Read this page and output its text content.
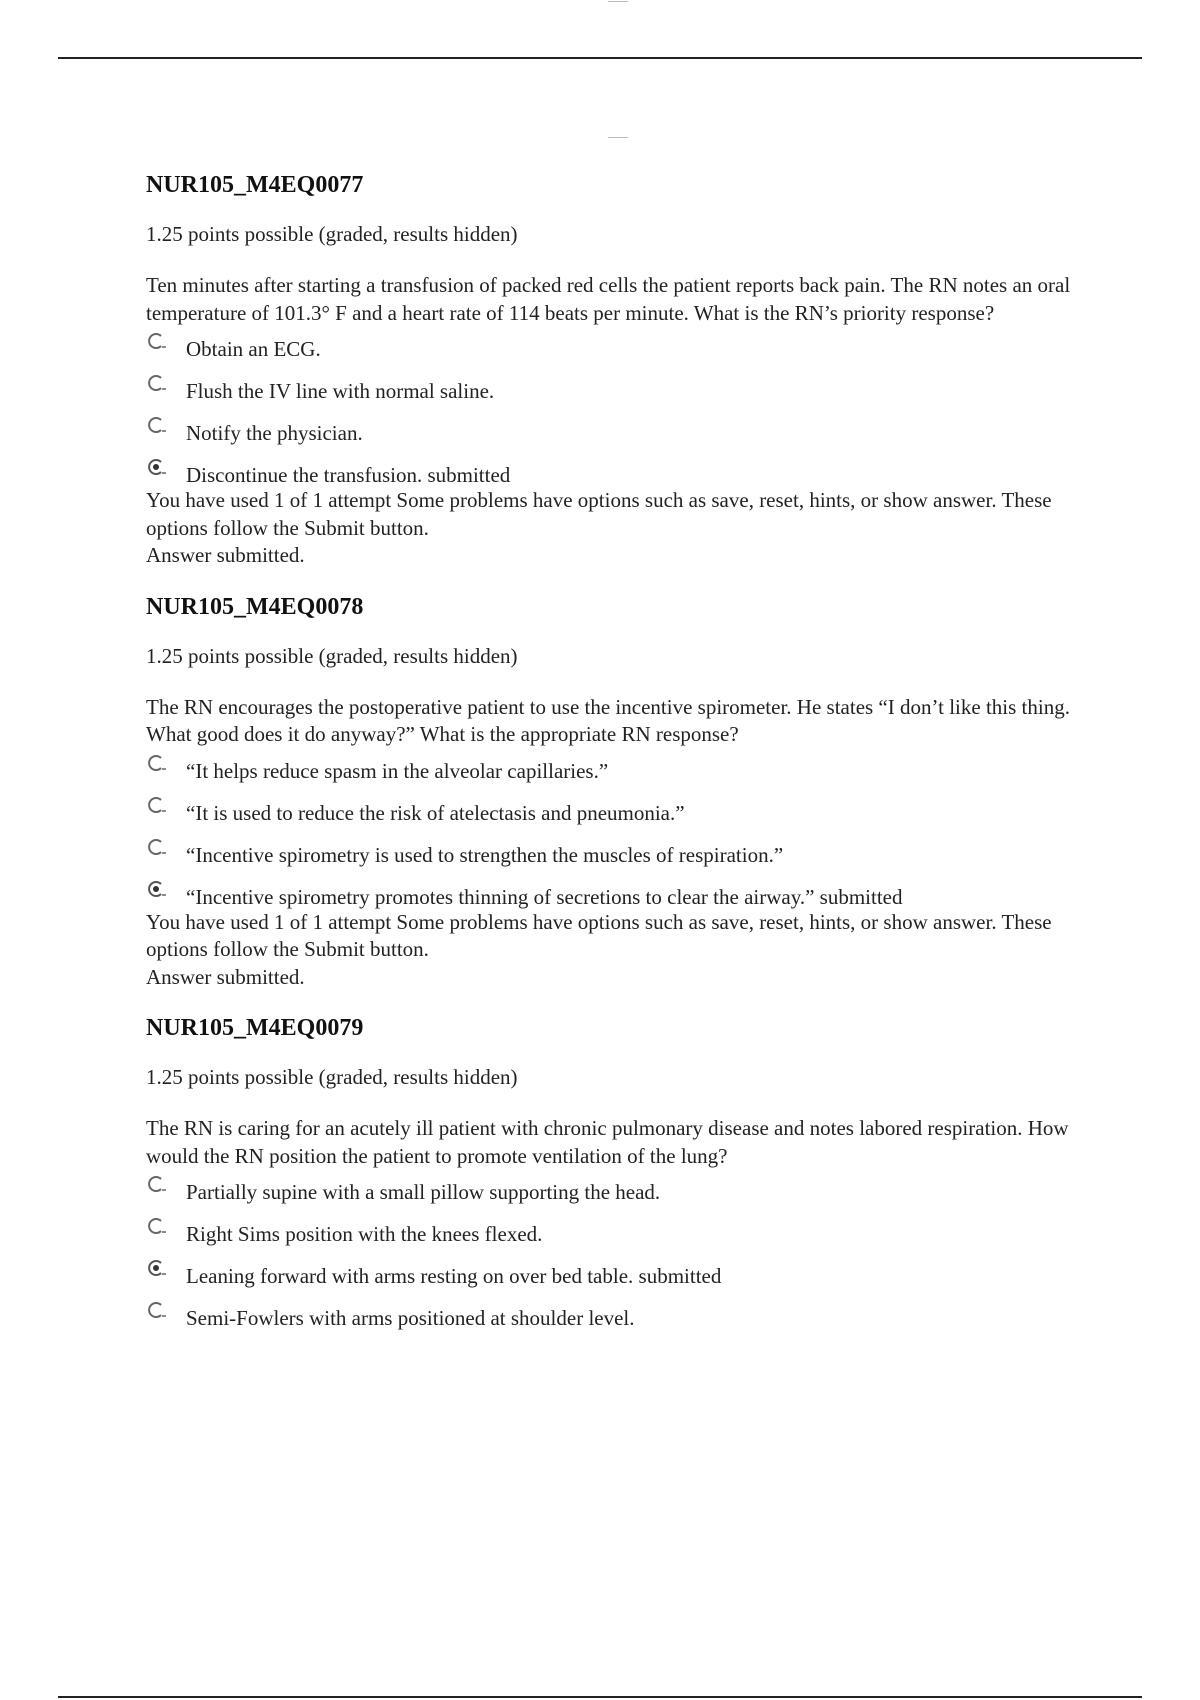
NUR105_M4EQ0077

1.25 points possible (graded, results hidden)

Ten minutes after starting a transfusion of packed red cells the patient reports back pain. The RN notes an oral temperature of 101.3° F and a heart rate of 114 beats per minute. What is the RN’s priority response?

Obtain an ECG.
Flush the IV line with normal saline.
Notify the physician.
Discontinue the transfusion. submitted

You have used 1 of 1 attempt Some problems have options such as save, reset, hints, or show answer. These options follow the Submit button.

Answer submitted.

NUR105_M4EQ0078

1.25 points possible (graded, results hidden)

The RN encourages the postoperative patient to use the incentive spirometer. He states “I don’t like this thing. What good does it do anyway?” What is the appropriate RN response?

“It helps reduce spasm in the alveolar capillaries.”
“It is used to reduce the risk of atelectasis and pneumonia.”
“Incentive spirometry is used to strengthen the muscles of respiration.”
“Incentive spirometry promotes thinning of secretions to clear the airway.” submitted

You have used 1 of 1 attempt Some problems have options such as save, reset, hints, or show answer. These options follow the Submit button.

Answer submitted.

NUR105_M4EQ0079

1.25 points possible (graded, results hidden)

The RN is caring for an acutely ill patient with chronic pulmonary disease and notes labored respiration. How would the RN position the patient to promote ventilation of the lung?

Partially supine with a small pillow supporting the head.
Right Sims position with the knees flexed.
Leaning forward with arms resting on over bed table. submitted
Semi-Fowlers with arms positioned at shoulder level.
